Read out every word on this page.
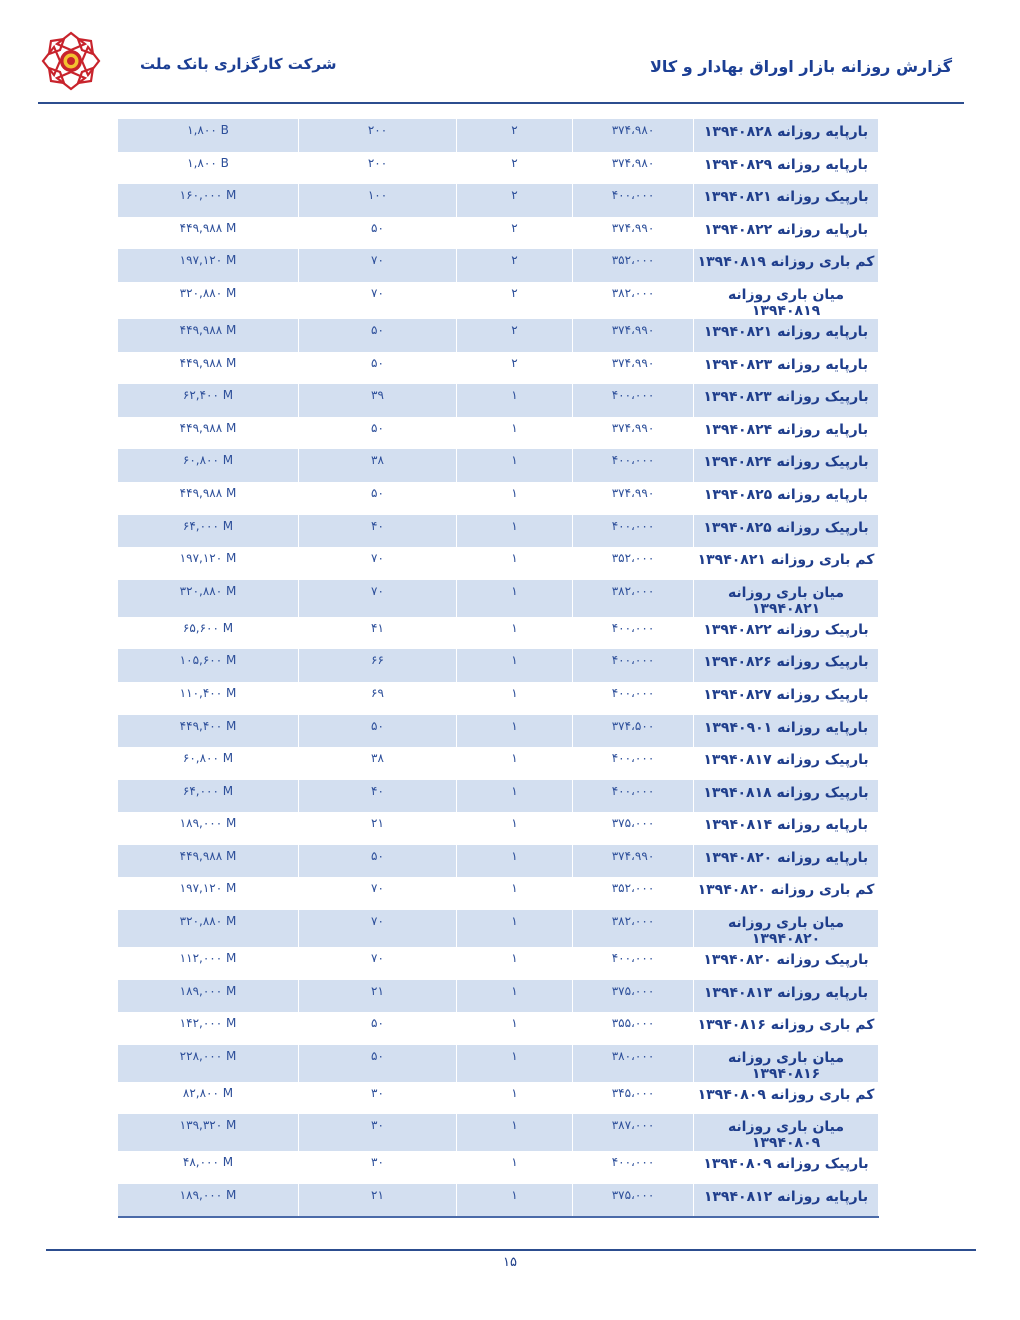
شرکت کارگزاری بانک ملت	گزارش روزانه بازار اوراق بهادار و کالا
۱,۸۰۰ B	۲۰۰	۲	۳۷۴،۹۸۰	بارپایه روزانه ۱۳۹۴۰۸۲۸
۱,۸۰۰ B	۲۰۰	۲	۳۷۴،۹۸۰	بارپایه روزانه ۱۳۹۴۰۸۲۹
۱۶۰,۰۰۰ M	۱۰۰	۲	۴۰۰،۰۰۰	بارپیک روزانه ۱۳۹۴۰۸۲۱
۴۴۹,۹۸۸ M	۵۰	۲	۳۷۴،۹۹۰	بارپایه روزانه ۱۳۹۴۰۸۲۲
۱۹۷,۱۲۰ M	۷۰	۲	۳۵۲،۰۰۰	کم باری روزانه ۱۳۹۴۰۸۱۹
۳۲۰,۸۸۰ M	۷۰	۲	۳۸۲،۰۰۰	میان باری روزانه ۱۳۹۴۰۸۱۹
۴۴۹,۹۸۸ M	۵۰	۲	۳۷۴،۹۹۰	بارپایه روزانه ۱۳۹۴۰۸۲۱
۴۴۹,۹۸۸ M	۵۰	۲	۳۷۴،۹۹۰	بارپایه روزانه ۱۳۹۴۰۸۲۳
۶۲,۴۰۰ M	۳۹	۱	۴۰۰،۰۰۰	بارپیک روزانه ۱۳۹۴۰۸۲۳
۴۴۹,۹۸۸ M	۵۰	۱	۳۷۴،۹۹۰	بارپایه روزانه ۱۳۹۴۰۸۲۴
۶۰,۸۰۰ M	۳۸	۱	۴۰۰،۰۰۰	بارپیک روزانه ۱۳۹۴۰۸۲۴
۴۴۹,۹۸۸ M	۵۰	۱	۳۷۴،۹۹۰	بارپایه روزانه ۱۳۹۴۰۸۲۵
۶۴,۰۰۰ M	۴۰	۱	۴۰۰،۰۰۰	بارپیک روزانه ۱۳۹۴۰۸۲۵
۱۹۷,۱۲۰ M	۷۰	۱	۳۵۲،۰۰۰	کم باری روزانه ۱۳۹۴۰۸۲۱
۳۲۰,۸۸۰ M	۷۰	۱	۳۸۲،۰۰۰	میان باری روزانه ۱۳۹۴۰۸۲۱
۶۵,۶۰۰ M	۴۱	۱	۴۰۰،۰۰۰	بارپیک روزانه ۱۳۹۴۰۸۲۲
۱۰۵,۶۰۰ M	۶۶	۱	۴۰۰،۰۰۰	بارپیک روزانه ۱۳۹۴۰۸۲۶
۱۱۰,۴۰۰ M	۶۹	۱	۴۰۰،۰۰۰	بارپیک روزانه ۱۳۹۴۰۸۲۷
۴۴۹,۴۰۰ M	۵۰	۱	۳۷۴،۵۰۰	بارپایه روزانه ۱۳۹۴۰۹۰۱
۶۰,۸۰۰ M	۳۸	۱	۴۰۰،۰۰۰	بارپیک روزانه ۱۳۹۴۰۸۱۷
۶۴,۰۰۰ M	۴۰	۱	۴۰۰،۰۰۰	بارپیک روزانه ۱۳۹۴۰۸۱۸
۱۸۹,۰۰۰ M	۲۱	۱	۳۷۵،۰۰۰	بارپایه روزانه ۱۳۹۴۰۸۱۴
۴۴۹,۹۸۸ M	۵۰	۱	۳۷۴،۹۹۰	بارپایه روزانه ۱۳۹۴۰۸۲۰
۱۹۷,۱۲۰ M	۷۰	۱	۳۵۲،۰۰۰	کم باری روزانه ۱۳۹۴۰۸۲۰
۳۲۰,۸۸۰ M	۷۰	۱	۳۸۲،۰۰۰	میان باری روزانه ۱۳۹۴۰۸۲۰
۱۱۲,۰۰۰ M	۷۰	۱	۴۰۰،۰۰۰	بارپیک روزانه ۱۳۹۴۰۸۲۰
۱۸۹,۰۰۰ M	۲۱	۱	۳۷۵،۰۰۰	بارپایه روزانه ۱۳۹۴۰۸۱۳
۱۴۲,۰۰۰ M	۵۰	۱	۳۵۵،۰۰۰	کم باری روزانه ۱۳۹۴۰۸۱۶
۲۲۸,۰۰۰ M	۵۰	۱	۳۸۰،۰۰۰	میان باری روزانه ۱۳۹۴۰۸۱۶
۸۲,۸۰۰ M	۳۰	۱	۳۴۵،۰۰۰	کم باری روزانه ۱۳۹۴۰۸۰۹
۱۳۹,۳۲۰ M	۳۰	۱	۳۸۷،۰۰۰	میان باری روزانه ۱۳۹۴۰۸۰۹
۴۸,۰۰۰ M	۳۰	۱	۴۰۰،۰۰۰	بارپیک روزانه ۱۳۹۴۰۸۰۹
۱۸۹,۰۰۰ M	۲۱	۱	۳۷۵،۰۰۰	بارپایه روزانه ۱۳۹۴۰۸۱۲
۱۵
